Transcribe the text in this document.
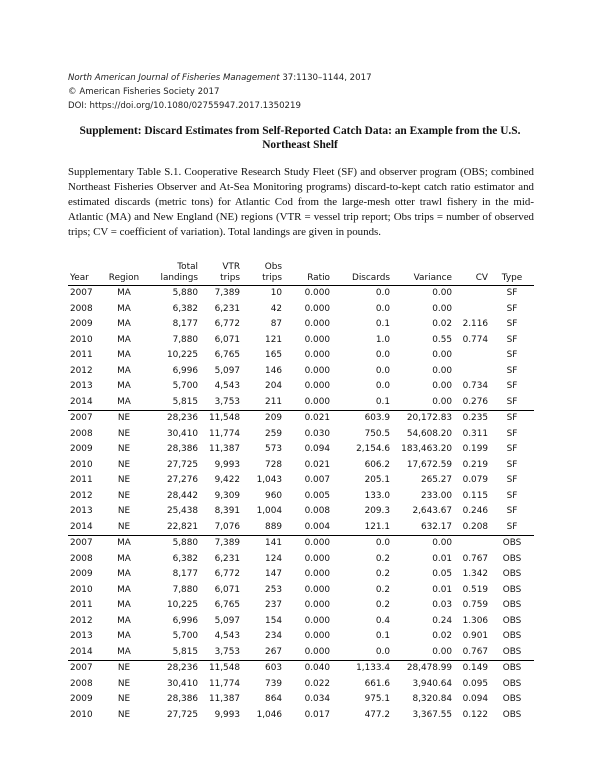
North American Journal of Fisheries Management 37:1130–1144, 2017
© American Fisheries Society 2017
DOI: https://doi.org/10.1080/02755947.2017.1350219
Supplement: Discard Estimates from Self-Reported Catch Data: an Example from the U.S. Northeast Shelf
Supplementary Table S.1. Cooperative Research Study Fleet (SF) and observer program (OBS; combined Northeast Fisheries Observer and At-Sea Monitoring programs) discard-to-kept catch ratio estimator and estimated discards (metric tons) for Atlantic Cod from the large-mesh otter trawl fishery in the mid-Atlantic (MA) and New England (NE) regions (VTR = vessel trip report; Obs trips = number of observed trips; CV = coefficient of variation). Total landings are given in pounds.
Year	Region	Total landings	VTR trips	Obs trips	Ratio	Discards	Variance	CV	Type
2007	MA	5,880	7,389	10	0.000	0.0	0.00		SF
2008	MA	6,382	6,231	42	0.000	0.0	0.00		SF
2009	MA	8,177	6,772	87	0.000	0.1	0.02	2.116	SF
2010	MA	7,880	6,071	121	0.000	1.0	0.55	0.774	SF
2011	MA	10,225	6,765	165	0.000	0.0	0.00		SF
2012	MA	6,996	5,097	146	0.000	0.0	0.00		SF
2013	MA	5,700	4,543	204	0.000	0.0	0.00	0.734	SF
2014	MA	5,815	3,753	211	0.000	0.1	0.00	0.276	SF
2007	NE	28,236	11,548	209	0.021	603.9	20,172.83	0.235	SF
2008	NE	30,410	11,774	259	0.030	750.5	54,608.20	0.311	SF
2009	NE	28,386	11,387	573	0.094	2,154.6	183,463.20	0.199	SF
2010	NE	27,725	9,993	728	0.021	606.2	17,672.59	0.219	SF
2011	NE	27,276	9,422	1,043	0.007	205.1	265.27	0.079	SF
2012	NE	28,442	9,309	960	0.005	133.0	233.00	0.115	SF
2013	NE	25,438	8,391	1,004	0.008	209.3	2,643.67	0.246	SF
2014	NE	22,821	7,076	889	0.004	121.1	632.17	0.208	SF
2007	MA	5,880	7,389	141	0.000	0.0	0.00		OBS
2008	MA	6,382	6,231	124	0.000	0.2	0.01	0.767	OBS
2009	MA	8,177	6,772	147	0.000	0.2	0.05	1.342	OBS
2010	MA	7,880	6,071	253	0.000	0.2	0.01	0.519	OBS
2011	MA	10,225	6,765	237	0.000	0.2	0.03	0.759	OBS
2012	MA	6,996	5,097	154	0.000	0.4	0.24	1.306	OBS
2013	MA	5,700	4,543	234	0.000	0.1	0.02	0.901	OBS
2014	MA	5,815	3,753	267	0.000	0.0	0.00	0.767	OBS
2007	NE	28,236	11,548	603	0.040	1,133.4	28,478.99	0.149	OBS
2008	NE	30,410	11,774	739	0.022	661.6	3,940.64	0.095	OBS
2009	NE	28,386	11,387	864	0.034	975.1	8,320.84	0.094	OBS
2010	NE	27,725	9,993	1,046	0.017	477.2	3,367.55	0.122	OBS
